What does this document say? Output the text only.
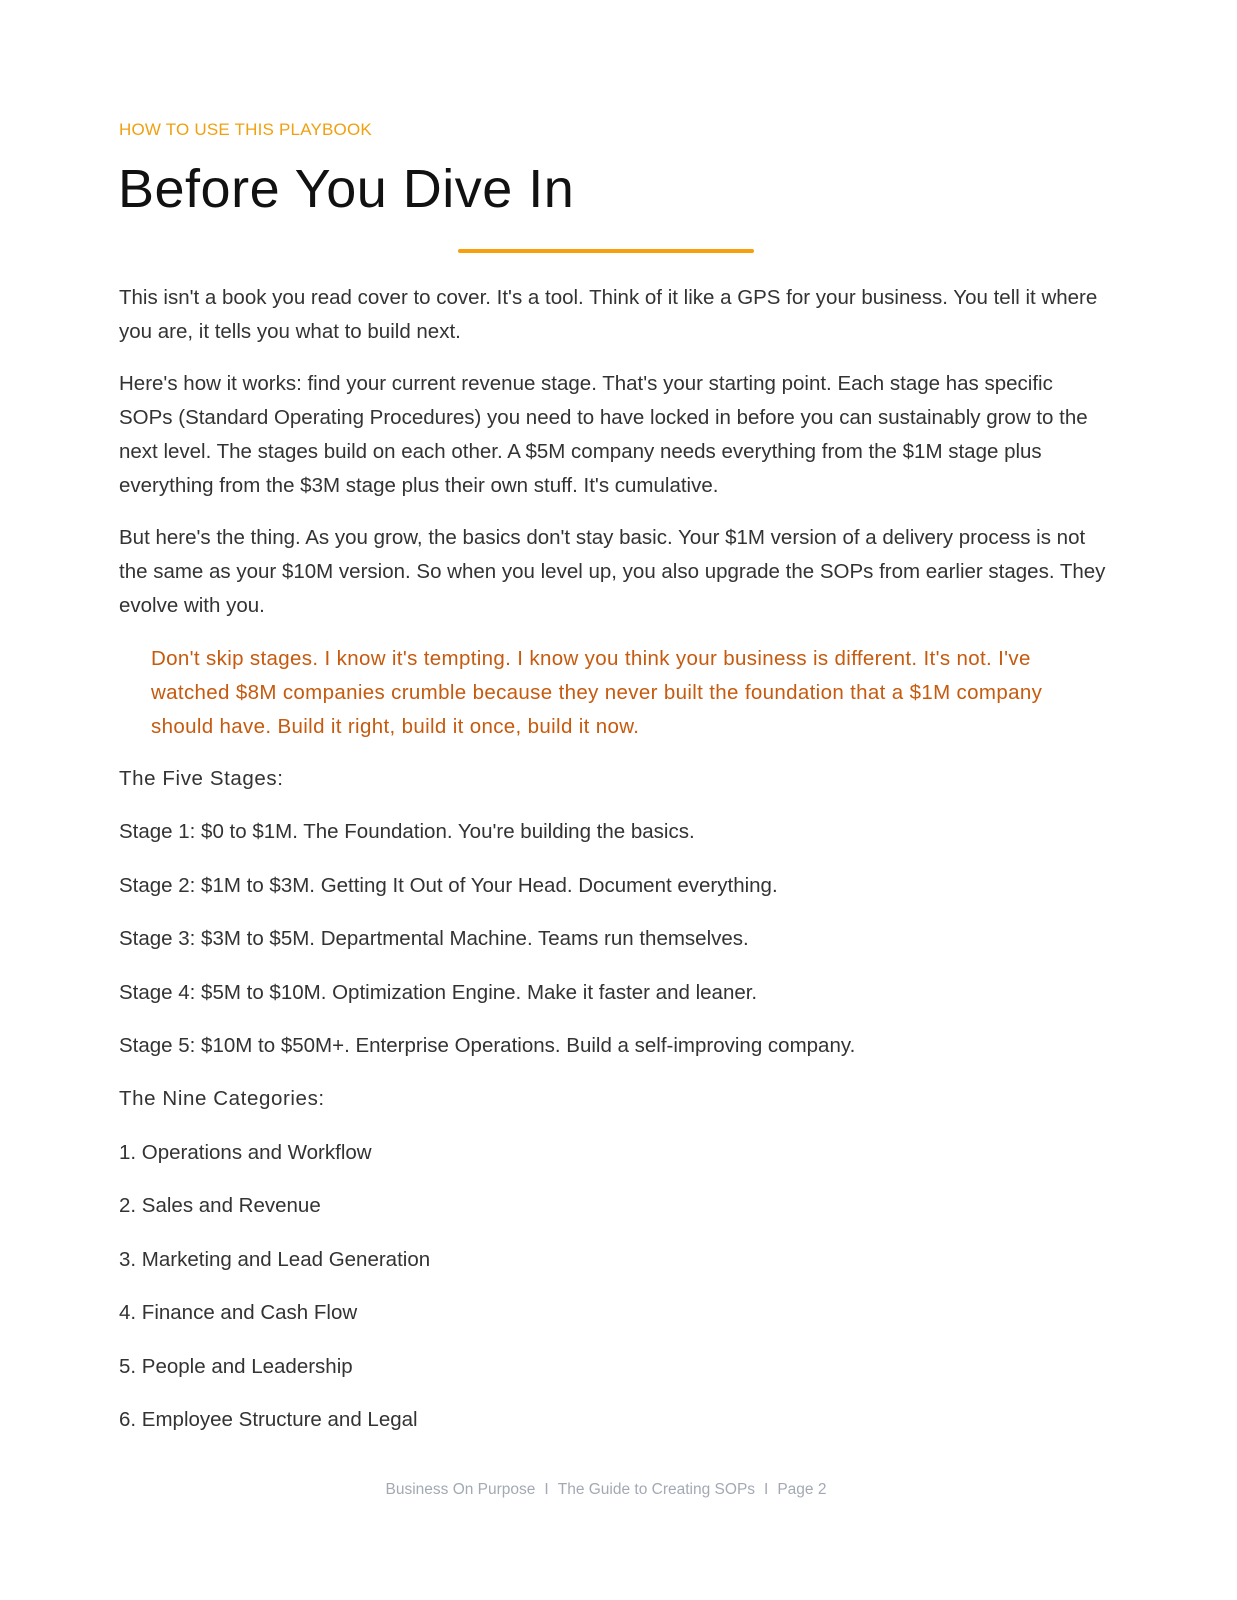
HOW TO USE THIS PLAYBOOK
Before You Dive In

This isn't a book you read cover to cover. It's a tool. Think of it like a GPS for your business. You tell it where you are, it tells you what to build next.

Here's how it works: find your current revenue stage. That's your starting point. Each stage has specific SOPs (Standard Operating Procedures) you need to have locked in before you can sustainably grow to the next level. The stages build on each other. A $5M company needs everything from the $1M stage plus everything from the $3M stage plus their own stuff. It's cumulative.

But here's the thing. As you grow, the basics don't stay basic. Your $1M version of a delivery process is not the same as your $10M version. So when you level up, you also upgrade the SOPs from earlier stages. They evolve with you.

Don't skip stages. I know it's tempting. I know you think your business is different. It's not. I've watched $8M companies crumble because they never built the foundation that a $1M company should have. Build it right, build it once, build it now.

The Five Stages:

Stage 1: $0 to $1M. The Foundation. You're building the basics.
Stage 2: $1M to $3M. Getting It Out of Your Head. Document everything.
Stage 3: $3M to $5M. Departmental Machine. Teams run themselves.
Stage 4: $5M to $10M. Optimization Engine. Make it faster and leaner.
Stage 5: $10M to $50M+. Enterprise Operations. Build a self-improving company.

The Nine Categories:

1. Operations and Workflow
2. Sales and Revenue
3. Marketing and Lead Generation
4. Finance and Cash Flow
5. People and Leadership
6. Employee Structure and Legal
Business On Purpose I The Guide to Creating SOPs I Page 2
